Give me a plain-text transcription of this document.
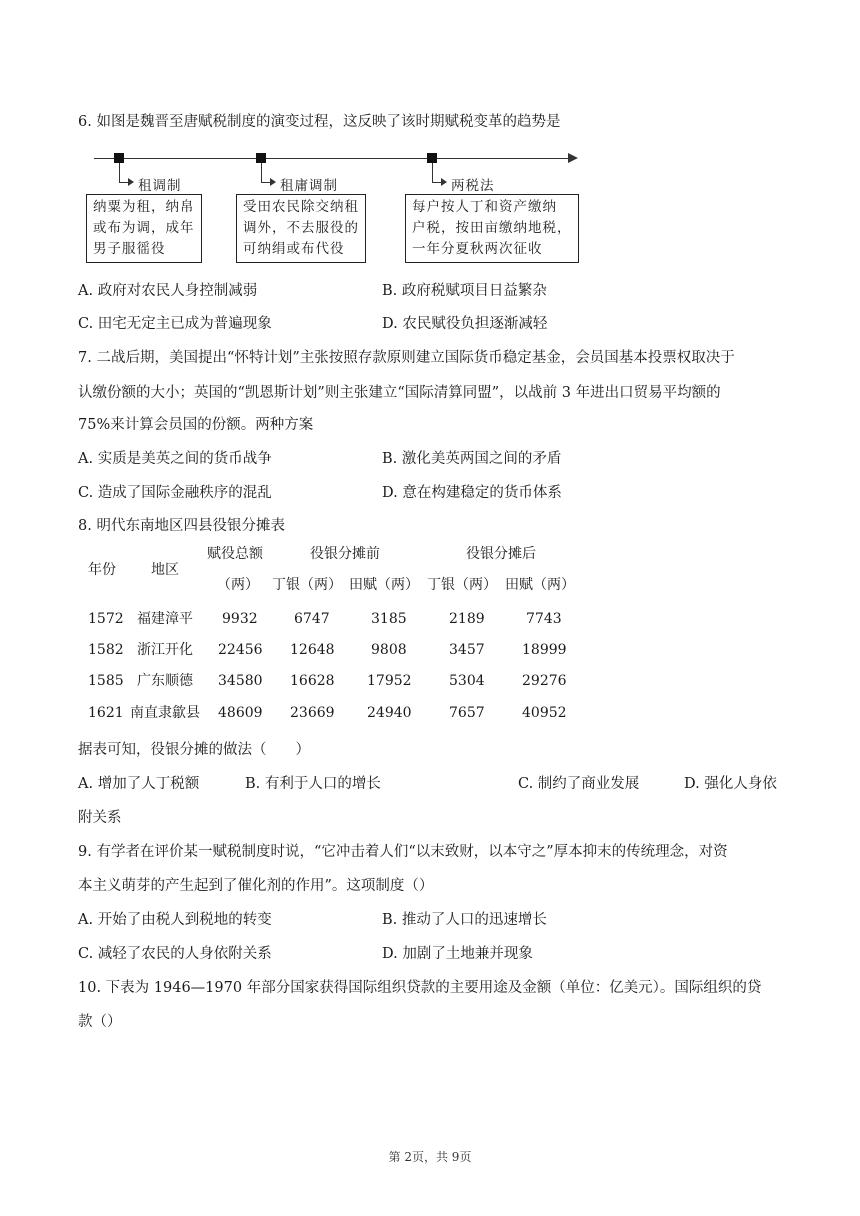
6. 如图是魏晋至唐赋税制度的演变过程，这反映了该时期赋税变革的趋势是
租调制
纳粟为租，纳帛
或布为调，成年
男子服徭役
租庸调制
受田农民除交纳租
调外，不去服役的
可纳绢或布代役
两税法
每户按人丁和资产缴纳
户税，按田亩缴纳地税，
一年分夏秋两次征收
A. 政府对农民人身控制减弱	B. 政府税赋项目日益繁杂
C. 田宅无定主已成为普遍现象	D. 农民赋役负担逐渐减轻
7. 二战后期，美国提出“怀特计划”主张按照存款原则建立国际货币稳定基金，会员国基本投票权取决于
认缴份额的大小；英国的“凯恩斯计划”则主张建立“国际清算同盟”，以战前 3 年进出口贸易平均额的
75%来计算会员国的份额。两种方案
A. 实质是美英之间的货币战争	B. 激化美英两国之间的矛盾
C. 造成了国际金融秩序的混乱	D. 意在构建稳定的货币体系
8. 明代东南地区四县役银分摊表
年份	地区
赋役总额
（两）
役银分摊前	役银分摊后
丁银（两） 田赋（两） 丁银（两） 田赋（两）
1572 福建漳平 9932	6747	3185	2189	7743
1582 浙江开化 22456 12648	9808	3457	18999
1585 广东顺德 34580 16628 17952	5304	29276
1621 南直隶歙县 48609 23669 24940	7657	40952
据表可知，役银分摊的做法（　　）
A. 增加了人丁税额	B. 有利于人口的增长	C. 制约了商业发展	D. 强化人身依
附关系
9. 有学者在评价某一赋税制度时说，“它冲击着人们“以末致财，以本守之”厚本抑末的传统理念，对资
本主义萌芽的产生起到了催化剂的作用”。这项制度（）
A. 开始了由税人到税地的转变	B. 推动了人口的迅速增长
C. 减轻了农民的人身依附关系	D. 加剧了土地兼并现象
10. 下表为 1946—1970 年部分国家获得国际组织贷款的主要用途及金额（单位：亿美元）。国际组织的贷
款（）
第 2页，共 9页
